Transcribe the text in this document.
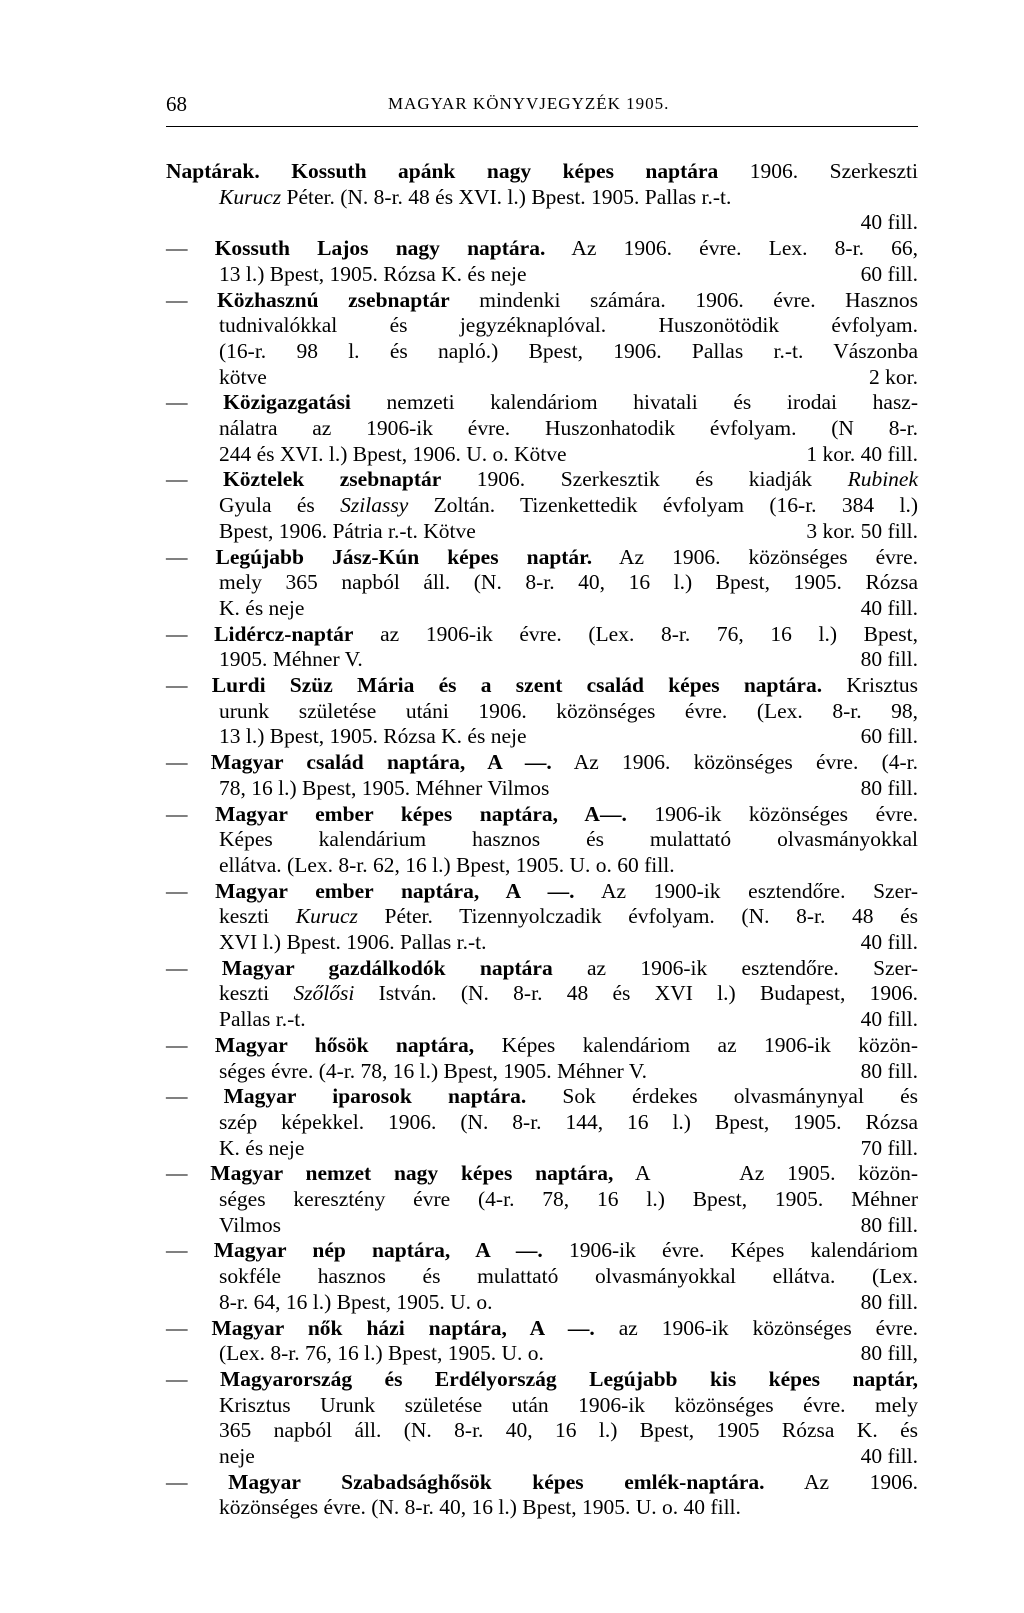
68	MAGYAR KÖNYVJEGYZÉK 1905.
Naptárak. Kossuth apánk nagy képes naptára 1906. Szerkeszti
Kurucz Péter. (N. 8-r. 48 és XVI. l.) Bpest. 1905. Pallas r.-t.
40 fill.
— Kossuth Lajos nagy naptára. Az 1906. évre. Lex. 8-r. 66,
13 l.) Bpest, 1905. Rózsa K. és neje	60 fill.
— Közhasznú zsebnaptár mindenki számára. 1906. évre. Hasznos
tudnivalókkal és jegyzéknaplóval. Huszonötödik évfolyam.
(16-r. 98 l. és napló.) Bpest, 1906. Pallas r.-t. Vászonba
kötve	2 kor.
— Közigazgatási nemzeti kalendáriom hivatali és irodai hasz-
nálatra az 1906-ik évre. Huszonhatodik évfolyam. (N 8-r.
244 és XVI. l.) Bpest, 1906. U. o. Kötve	1 kor. 40 fill.
— Köztelek zsebnaptár 1906. Szerkesztik és kiadják Rubinek
Gyula és Szilassy Zoltán. Tizenkettedik évfolyam (16-r. 384 l.)
Bpest, 1906. Pátria r.-t. Kötve	3 kor. 50 fill.
— Legújabb Jász-Kún képes naptár. Az 1906. közönséges évre.
mely 365 napból áll. (N. 8-r. 40, 16 l.) Bpest, 1905. Rózsa
K. és neje	40 fill.
— Lidércz-naptár az 1906-ik évre. (Lex. 8-r. 76, 16 l.) Bpest,
1905. Méhner V.	80 fill.
— Lurdi Szüz Mária és a szent család képes naptára. Krisztus
urunk születése utáni 1906. közönséges évre. (Lex. 8-r. 98,
13 l.) Bpest, 1905. Rózsa K. és neje	60 fill.
— Magyar család naptára, A —. Az 1906. közönséges évre. (4-r.
78, 16 l.) Bpest, 1905. Méhner Vilmos	80 fill.
— Magyar ember képes naptára, A—. 1906-ik közönséges évre.
Képes kalendárium hasznos és mulattató olvasmányokkal
ellátva. (Lex. 8-r. 62, 16 l.) Bpest, 1905. U. o. 60 fill.
— Magyar ember naptára, A —. Az 1900-ik esztendőre. Szer-
keszti Kurucz Péter. Tizennyolczadik évfolyam. (N. 8-r. 48 és
XVI l.) Bpest. 1906. Pallas r.-t.	40 fill.
— Magyar gazdálkodók naptára az 1906-ik esztendőre. Szer-
keszti Szőlősi István. (N. 8-r. 48 és XVI l.) Budapest, 1906.
Pallas r.-t.	40 fill.
— Magyar hősök naptára, Képes kalendáriom az 1906-ik közön-
séges évre. (4-r. 78, 16 l.) Bpest, 1905. Méhner V.	80 fill.
— Magyar iparosok naptára. Sok érdekes olvasmánynyal és
szép képekkel. 1906. (N. 8-r. 144, 16 l.) Bpest, 1905. Rózsa
K. és neje	70 fill.
— Magyar nemzet nagy képes naptára, A    Az 1905. közön-
séges keresztény évre (4-r. 78, 16 l.) Bpest, 1905. Méhner
Vilmos	80 fill.
— Magyar nép naptára, A —. 1906-ik évre. Képes kalendáriom
sokféle hasznos és mulattató olvasmányokkal ellátva. (Lex.
8-r. 64, 16 l.) Bpest, 1905. U. o.	80 fill.
— Magyar nők házi naptára, A —. az 1906-ik közönséges évre.
(Lex. 8-r. 76, 16 l.) Bpest, 1905. U. o.	80 fill,
— Magyarország és Erdélyország Legújabb kis képes naptár,
Krisztus Urunk születése után 1906-ik közönséges évre. mely
365 napból áll. (N. 8-r. 40, 16 l.) Bpest, 1905 Rózsa K. és
neje	40 fill.
— Magyar Szabadsághősök képes emlék-naptára. Az 1906.
közönséges évre. (N. 8-r. 40, 16 l.) Bpest, 1905. U. o. 40 fill.
